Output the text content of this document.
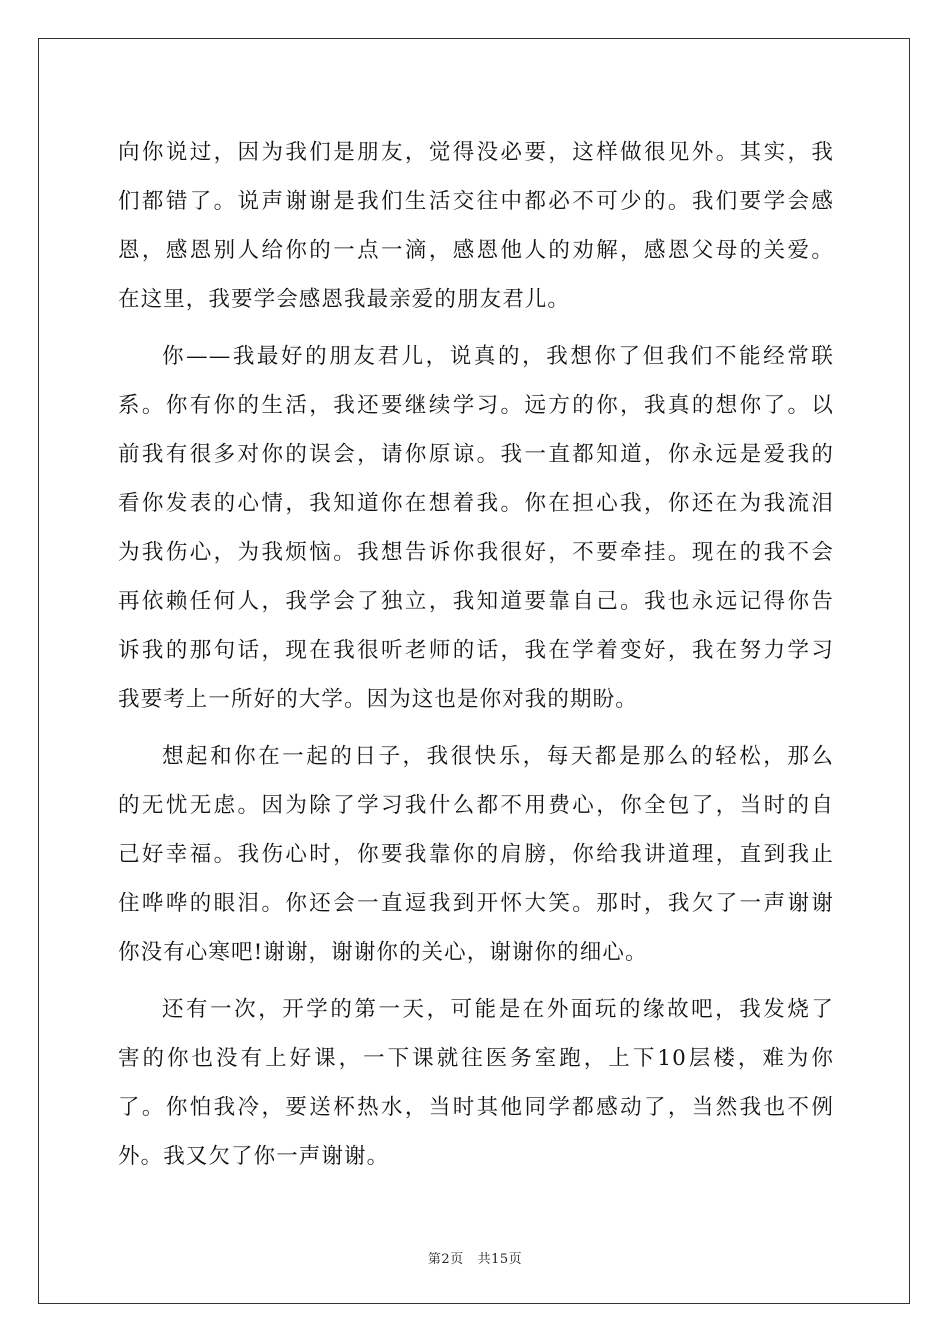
向你说过，因为我们是朋友，觉得没必要，这样做很见外。其实，我
们都错了。说声谢谢是我们生活交往中都必不可少的。我们要学会感
恩，感恩别人给你的一点一滴，感恩他人的劝解，感恩父母的关爱。
在这里，我要学会感恩我最亲爱的朋友君儿。
你——我最好的朋友君儿，说真的，我想你了但我们不能经常联
系。你有你的生活，我还要继续学习。远方的你，我真的想你了。以
前我有很多对你的误会，请你原谅。我一直都知道，你永远是爱我的
看你发表的心情，我知道你在想着我。你在担心我，你还在为我流泪
为我伤心，为我烦恼。我想告诉你我很好，不要牵挂。现在的我不会
再依赖任何人，我学会了独立，我知道要靠自己。我也永远记得你告
诉我的那句话，现在我很听老师的话，我在学着变好，我在努力学习
我要考上一所好的大学。因为这也是你对我的期盼。
想起和你在一起的日子，我很快乐，每天都是那么的轻松，那么
的无忧无虑。因为除了学习我什么都不用费心，你全包了，当时的自
己好幸福。我伤心时，你要我靠你的肩膀，你给我讲道理，直到我止
住哗哗的眼泪。你还会一直逗我到开怀大笑。那时，我欠了一声谢谢
你没有心寒吧!谢谢，谢谢你的关心，谢谢你的细心。
还有一次，开学的第一天，可能是在外面玩的缘故吧，我发烧了
害的你也没有上好课，一下课就往医务室跑，上下10层楼，难为你
了。你怕我冷，要送杯热水，当时其他同学都感动了，当然我也不例
外。我又欠了你一声谢谢。
第2页 共15页
